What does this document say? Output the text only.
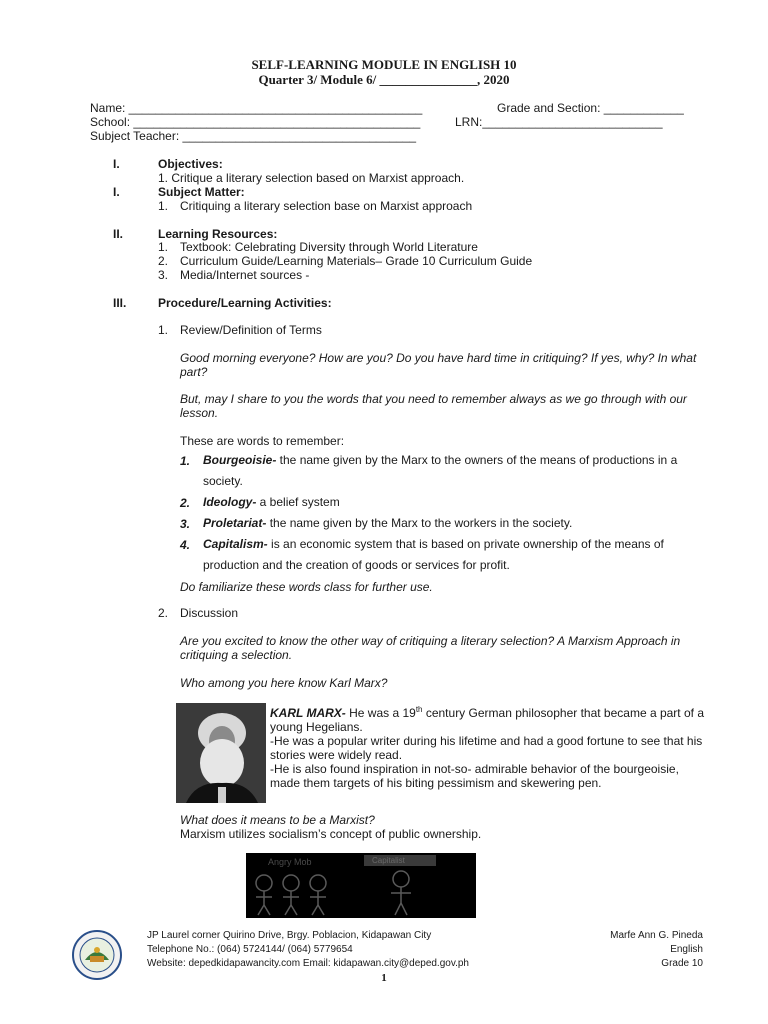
SELF-LEARNING MODULE IN ENGLISH 10
Quarter 3/ Module 6/ _______________, 2020
Name: ____________________________________________	Grade and Section: ____________
School: ___________________________________________	LRN:___________________________
Subject Teacher: ___________________________________
I.	Objectives:
1. Critique a literary selection based on Marxist approach.
I.	Subject Matter:
1. Critiquing a literary selection base on Marxist approach
II.	Learning Resources:
1. Textbook: Celebrating Diversity through World Literature
2. Curriculum Guide/Learning Materials– Grade 10 Curriculum Guide
3. Media/Internet sources -
III.	Procedure/Learning Activities:
1. Review/Definition of Terms
Good morning everyone? How are you? Do you have hard time in critiquing? If yes, why? In what part?
But, may I share to you the words that you need to remember always as we go through with our lesson.
These are words to remember:
1. Bourgeoisie- the name given by the Marx to the owners of the means of productions in a society.
2. Ideology- a belief system
3. Proletariat- the name given by the Marx to the workers in the society.
4. Capitalism- is an economic system that is based on private ownership of the means of production and the creation of goods or services for profit.
Do familiarize these words class for further use.
2. Discussion
Are you excited to know the other way of critiquing a literary selection? A Marxism Approach in critiquing a selection.
Who among you here know Karl Marx?
KARL MARX- He was a 19th century German philosopher that became a part of a young Hegelians.
-He was a popular writer during his lifetime and had a good fortune to see that his stories were widely read.
-He is also found inspiration in not-so- admirable behavior of the bourgeoisie, made them targets of his biting pessimism and skewering pen.
What does it means to be a Marxist?
Marxism utilizes socialism’s concept of public ownership.
Angry Mob	Capitalist
JP Laurel corner Quirino Drive, Brgy. Poblacion, Kidapawan City
Telephone No.: (064) 5724144/ (064) 5779654
Website: depedkidapawancity.com Email: kidapawan.city@deped.gov.ph
Marfe Ann G. Pineda
English
Grade 10
1
